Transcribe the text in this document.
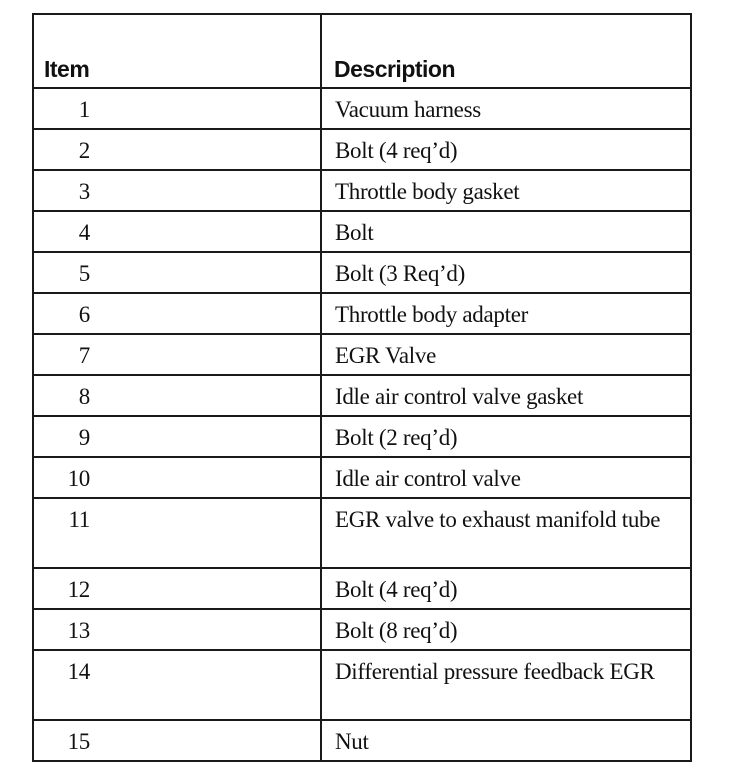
Item	Description

1	Vacuum harness

2	Bolt (4 req’d)

3	Throttle body gasket

4	Bolt

5	Bolt (3 Req’d)

6	Throttle body adapter

7	EGR Valve

8	Idle air control valve gasket

9	Bolt (2 req’d)

10	Idle air control valve

11	EGR valve to exhaust manifold tube

12	Bolt (4 req’d)

13	Bolt (8 req’d)

14	Differential pressure feedback EGR

15	Nut
